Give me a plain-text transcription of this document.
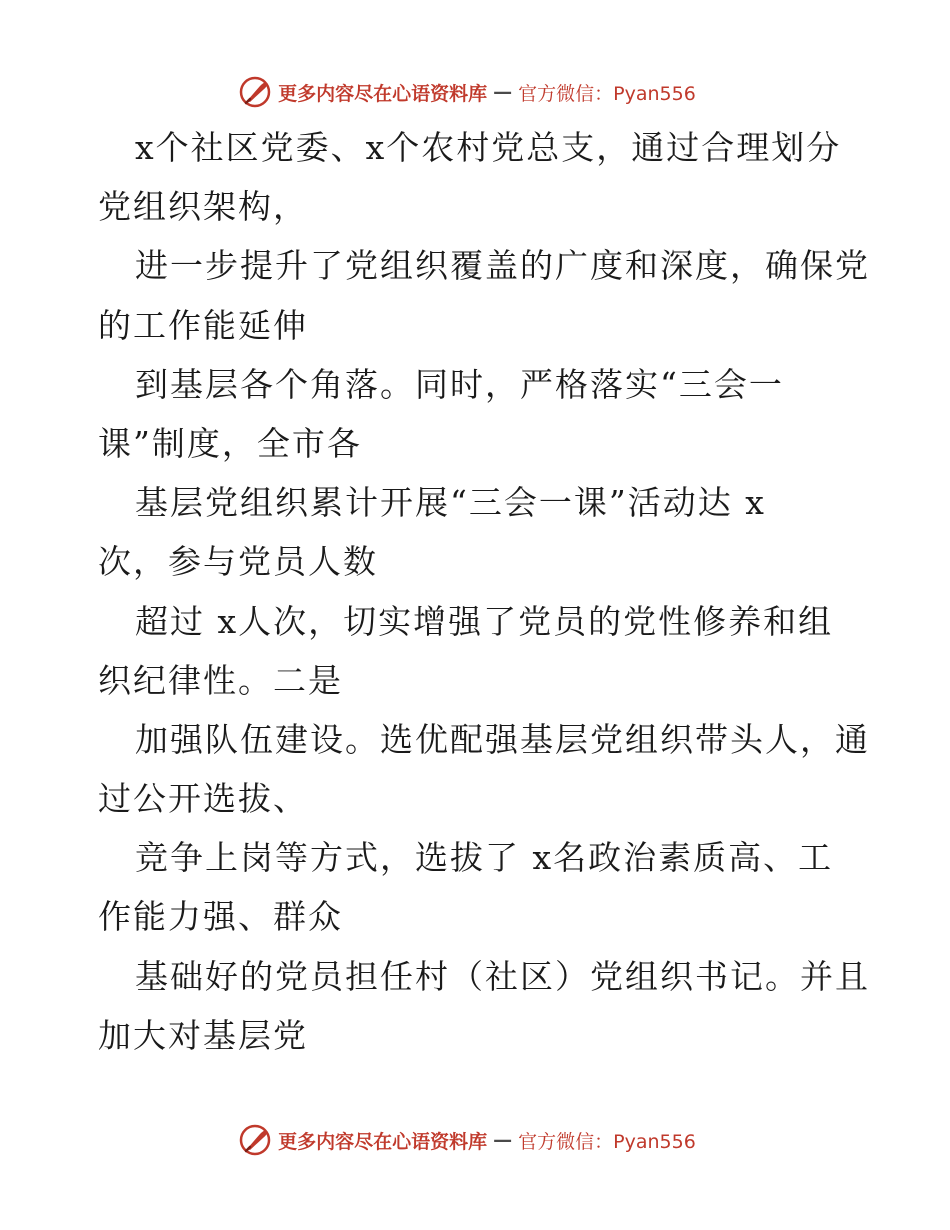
更多内容尽在心语资料库 — 官方微信：Pyan556
x个社区党委、x个农村党总支，通过合理划分
党组织架构，
进一步提升了党组织覆盖的广度和深度，确保党
的工作能延伸
到基层各个角落。同时，严格落实“三会一
课”制度，全市各
基层党组织累计开展“三会一课”活动达 x
次，参与党员人数
超过 x人次，切实增强了党员的党性修养和组
织纪律性。二是
加强队伍建设。选优配强基层党组织带头人，通
过公开选拔、
竞争上岗等方式，选拔了 x名政治素质高、工
作能力强、群众
基础好的党员担任村（社区）党组织书记。并且
加大对基层党
更多内容尽在心语资料库 — 官方微信：Pyan556
